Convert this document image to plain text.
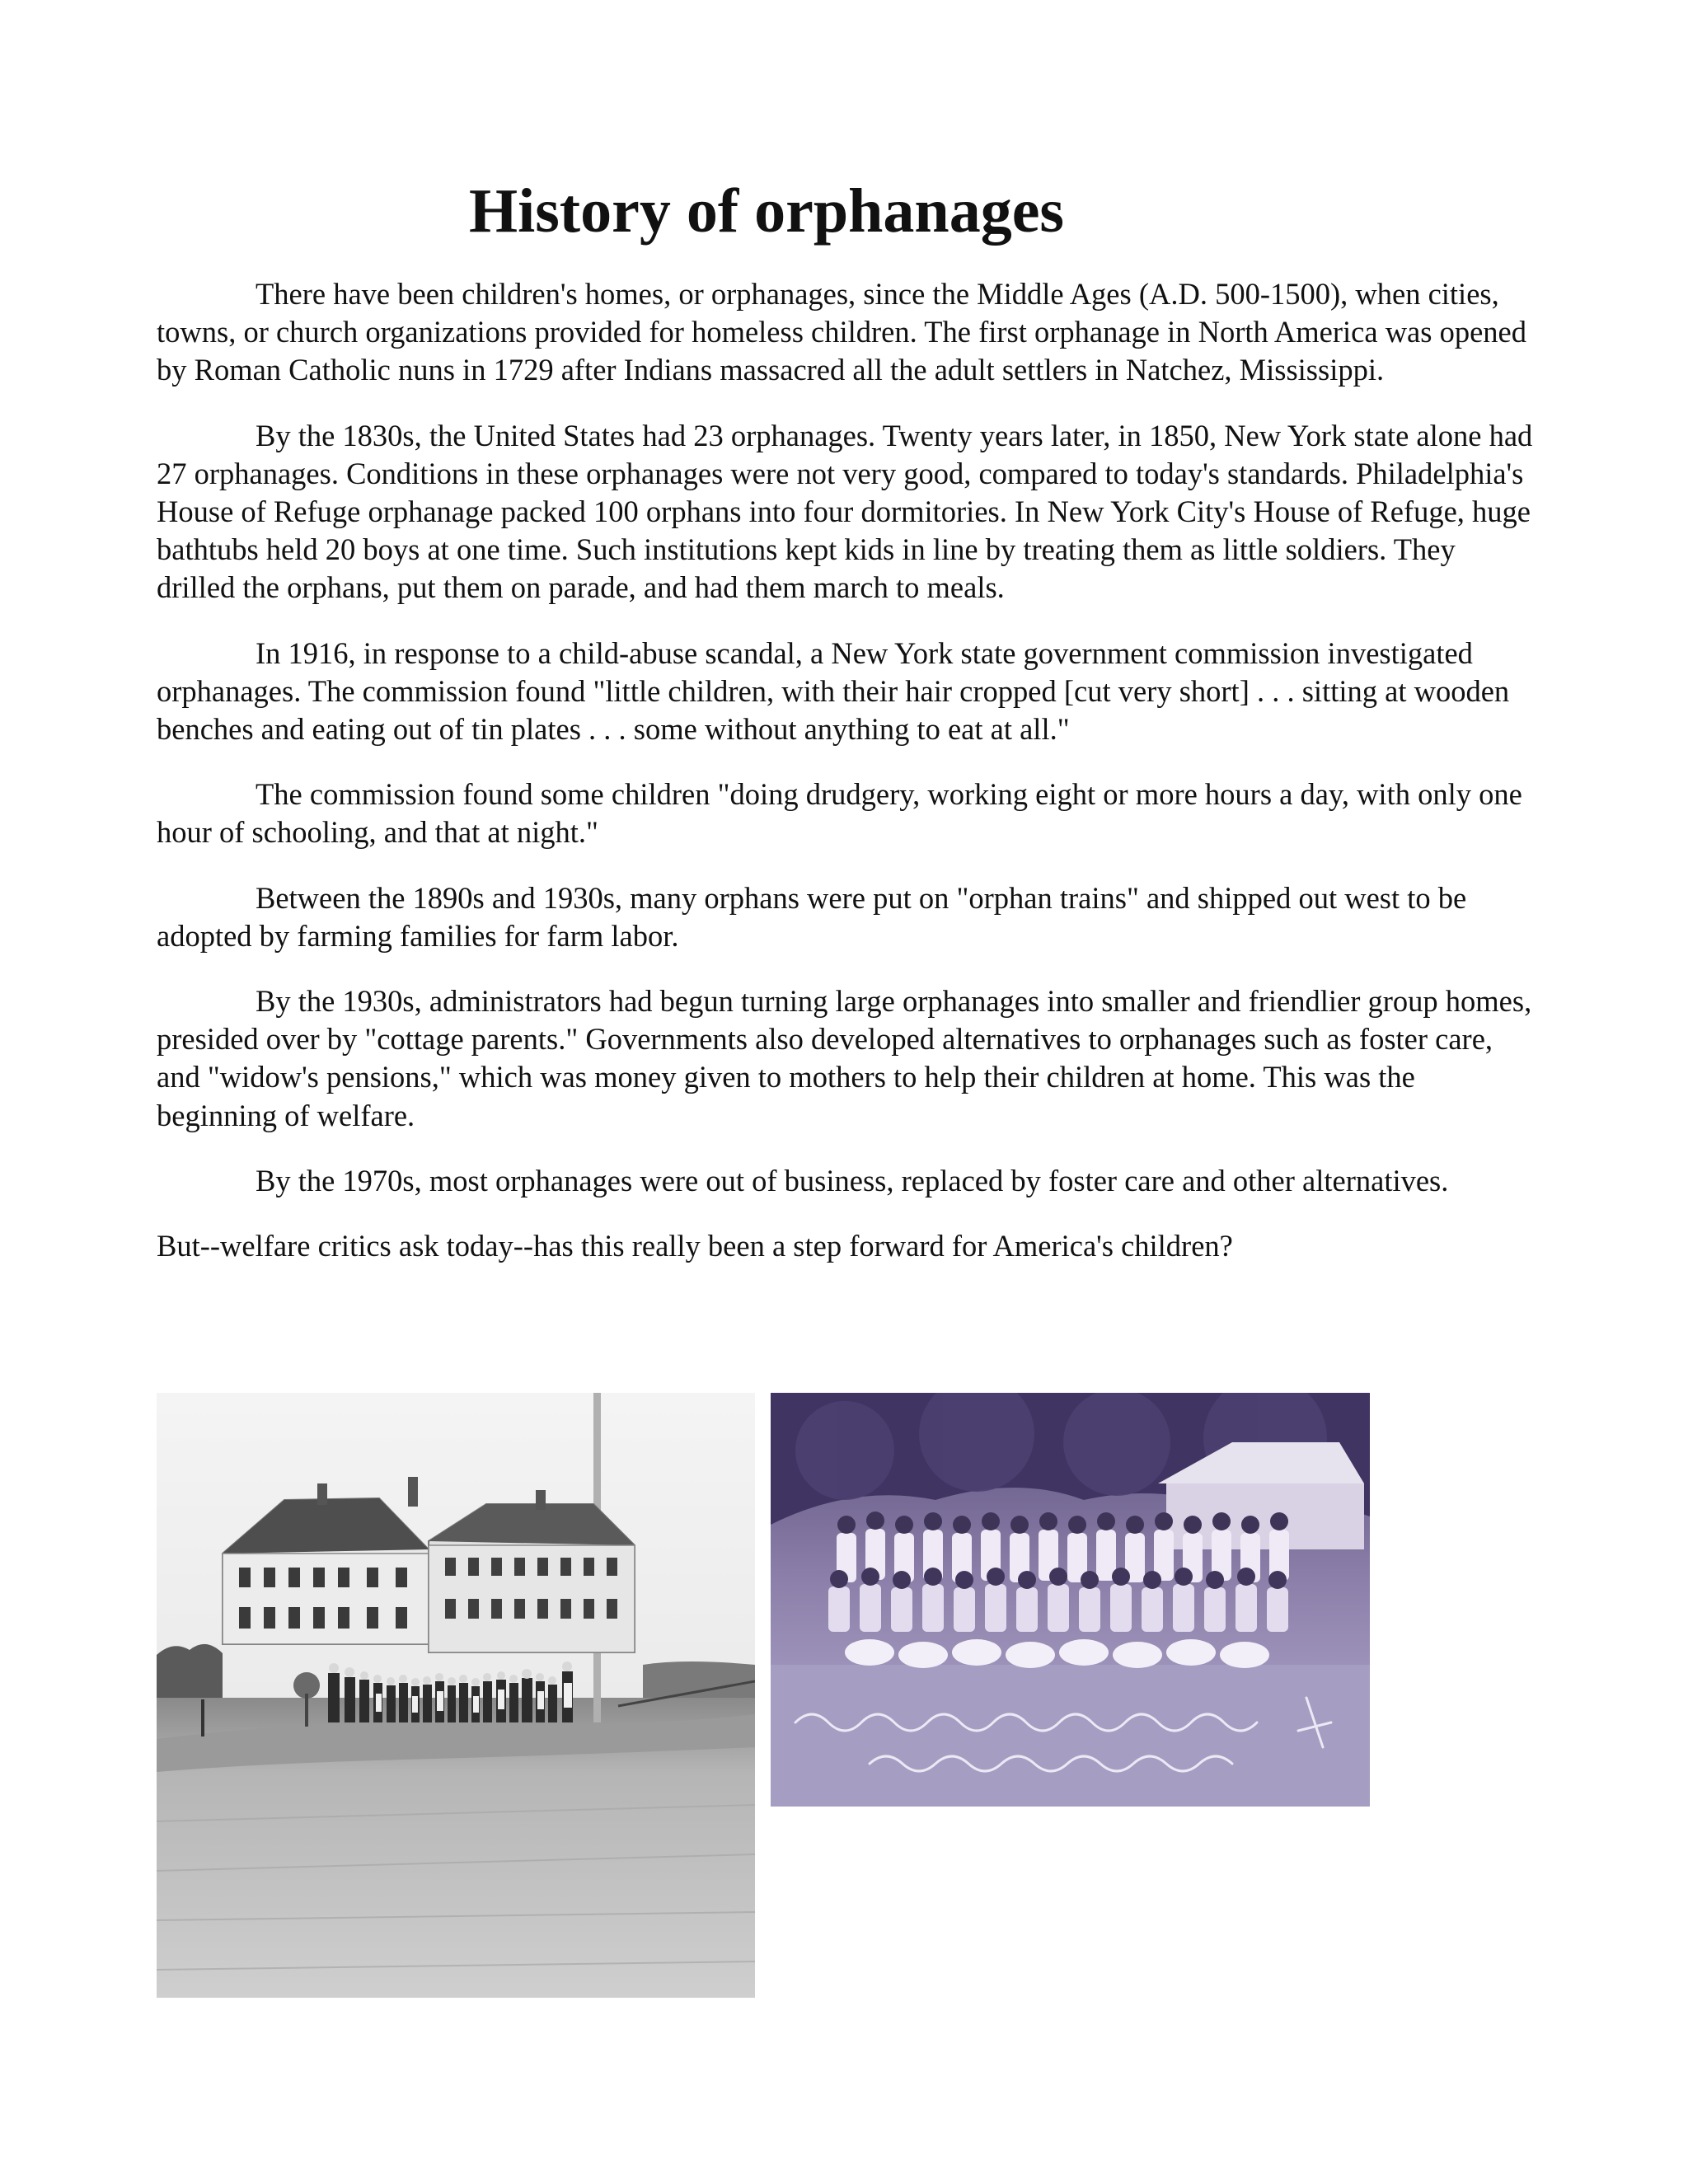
History of orphanages

There have been children's homes, or orphanages, since the Middle Ages (A.D. 500-1500), when cities, towns, or church organizations provided for homeless children. The first orphanage in North America was opened by Roman Catholic nuns in 1729 after Indians massacred all the adult settlers in Natchez, Mississippi.

By the 1830s, the United States had 23 orphanages. Twenty years later, in 1850, New York state alone had 27 orphanages. Conditions in these orphanages were not very good, compared to today's standards. Philadelphia's House of Refuge orphanage packed 100 orphans into four dormitories. In New York City's House of Refuge, huge bathtubs held 20 boys at one time. Such institutions kept kids in line by treating them as little soldiers. They drilled the orphans, put them on parade, and had them march to meals.

In 1916, in response to a child-abuse scandal, a New York state government commission investigated orphanages. The commission found "little children, with their hair cropped [cut very short] . . . sitting at wooden benches and eating out of tin plates . . . some without anything to eat at all."

The commission found some children "doing drudgery, working eight or more hours a day, with only one hour of schooling, and that at night."

Between the 1890s and 1930s, many orphans were put on "orphan trains" and shipped out west to be adopted by farming families for farm labor.

By the 1930s, administrators had begun turning large orphanages into smaller and friendlier group homes, presided over by "cottage parents." Governments also developed alternatives to orphanages such as foster care, and "widow's pensions," which was money given to mothers to help their children at home. This was the beginning of welfare.

By the 1970s, most orphanages were out of business, replaced by foster care and other alternatives.

But--welfare critics ask today--has this really been a step forward for America's children?
